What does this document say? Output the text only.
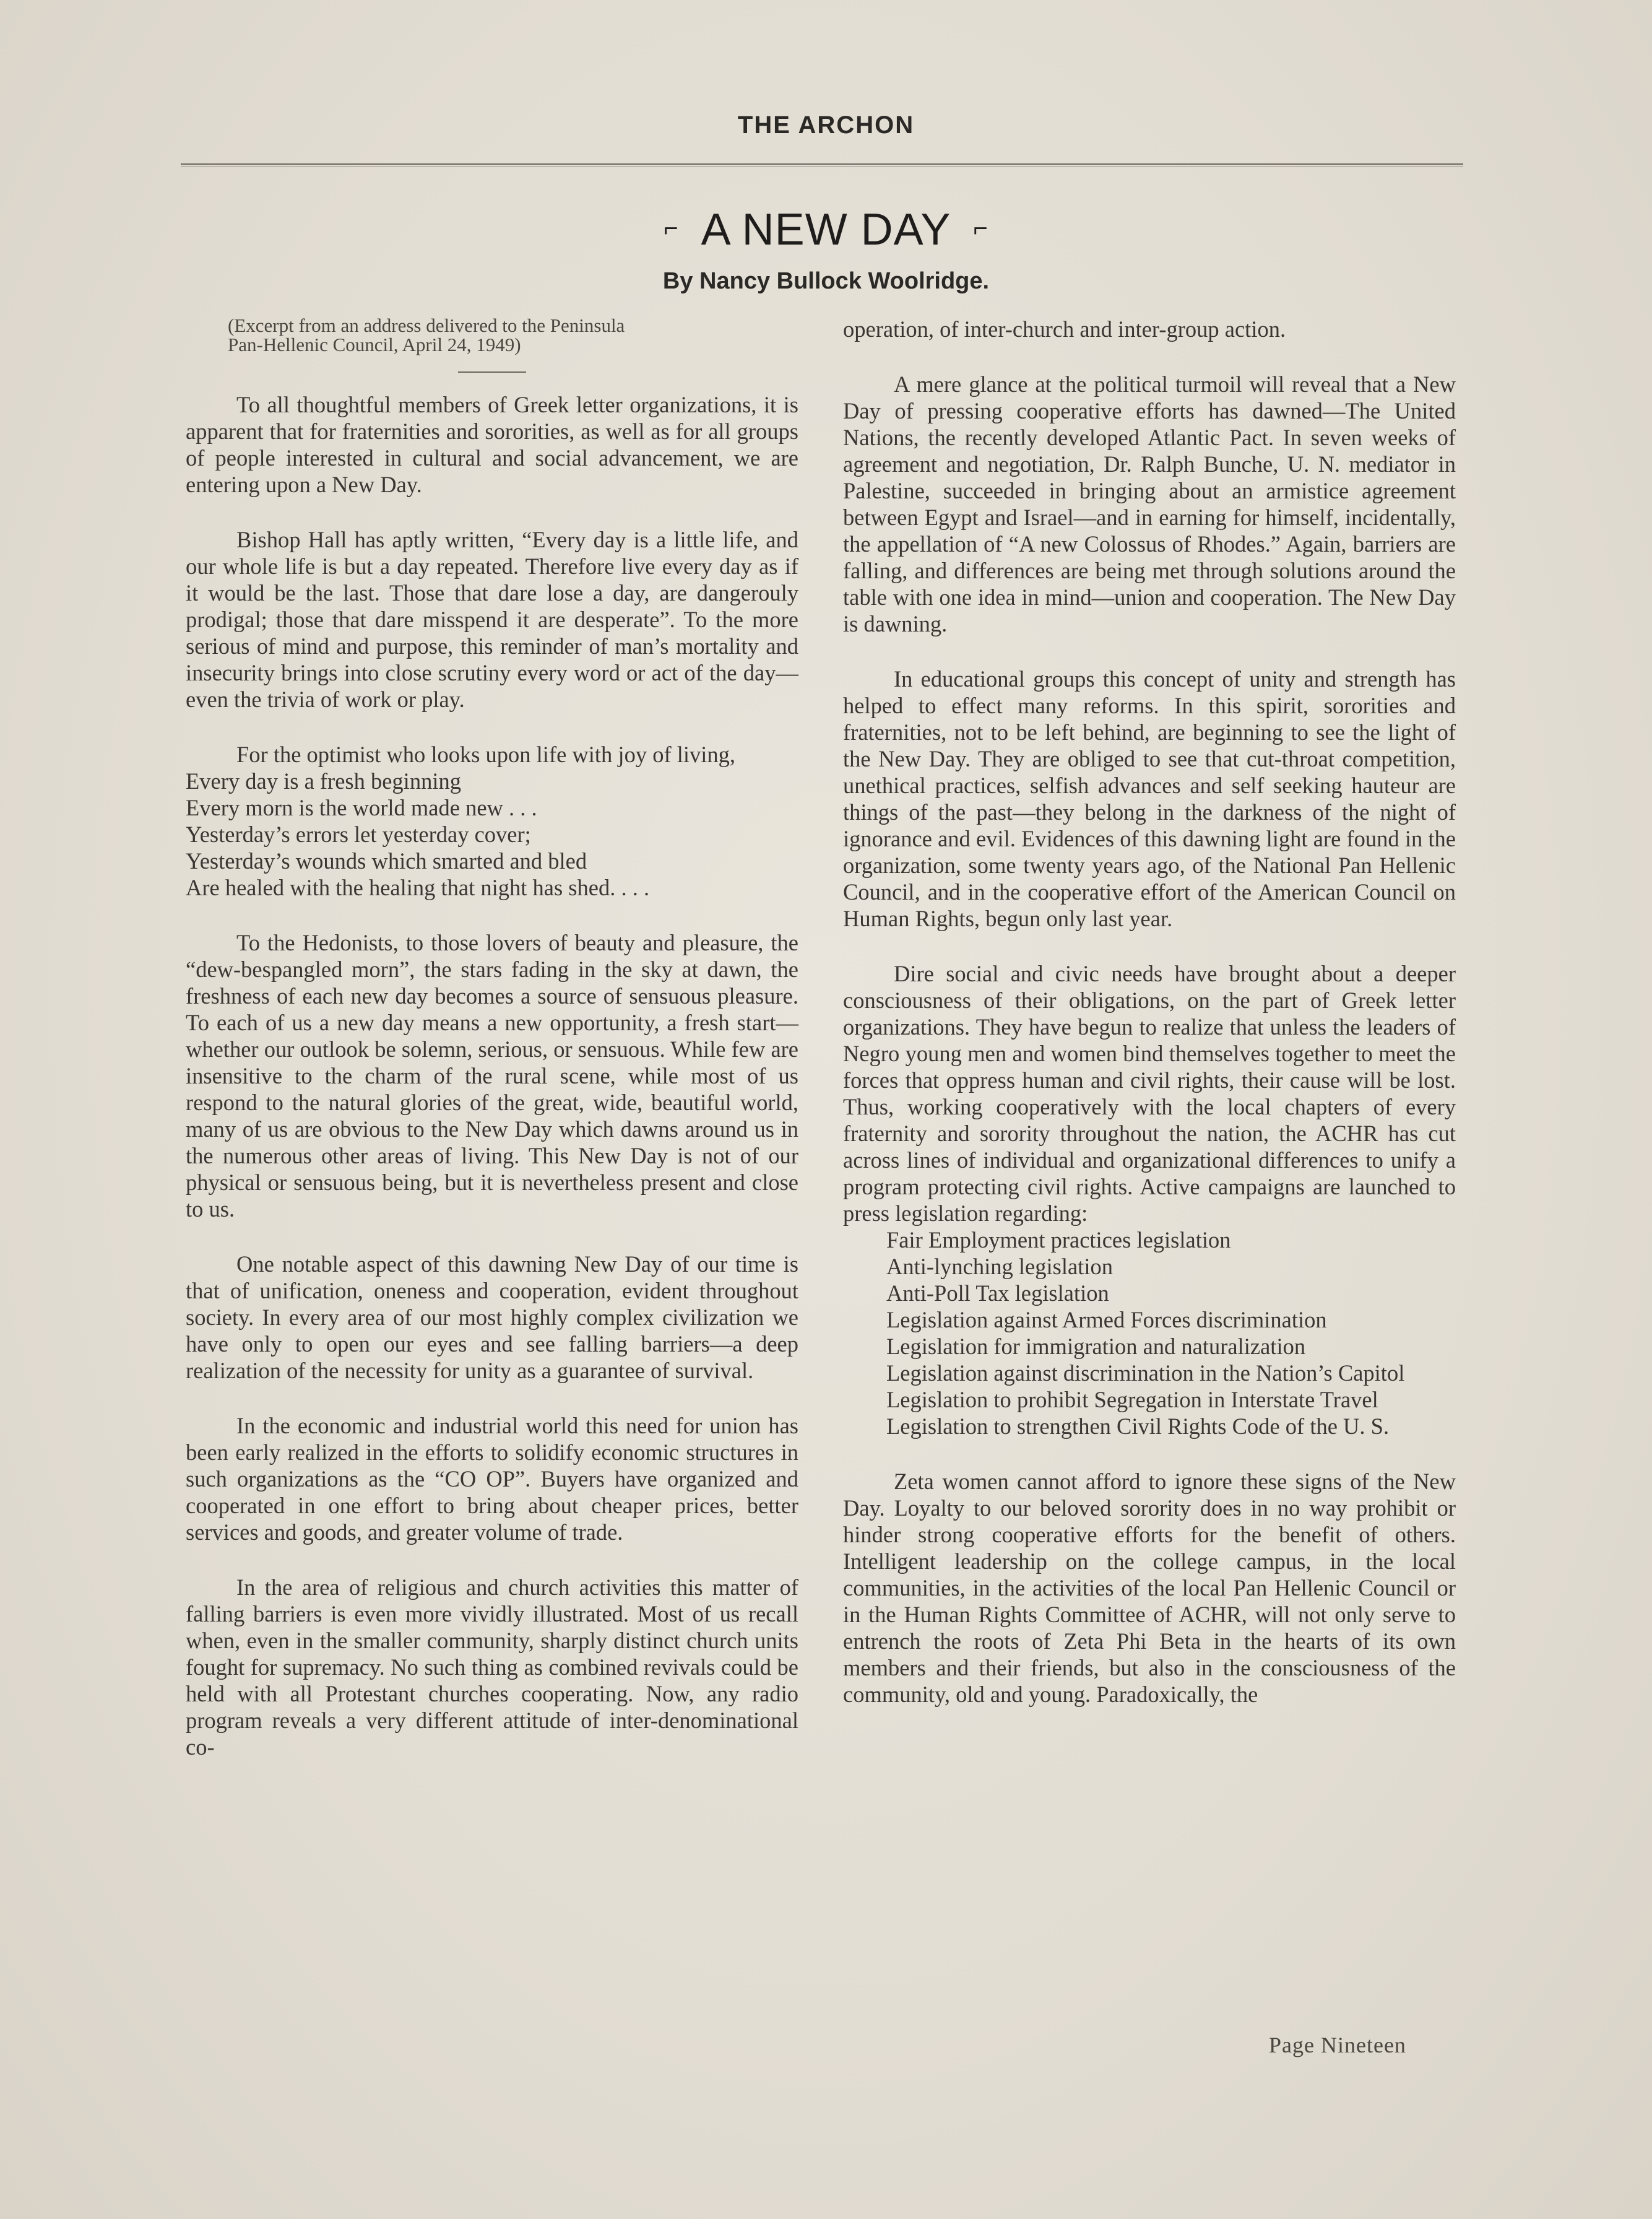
THE ARCHON
⌐ A NEW DAY ⌐
By Nancy Bullock Woolridge.
(Excerpt from an address delivered to the Peninsula
Pan-Hellenic Council, April 24, 1949)

To all thoughtful members of Greek letter organizations, it is apparent that for fraternities and sororities, as well as for all groups of people interested in cultural and social advancement, we are entering upon a New Day.

Bishop Hall has aptly written, “Every day is a little life, and our whole life is but a day repeated. Therefore live every day as if it would be the last. Those that dare lose a day, are dangerouly prodigal; those that dare misspend it are desperate”. To the more serious of mind and purpose, this reminder of man’s mortality and insecurity brings into close scrutiny every word or act of the day—even the trivia of work or play.

For the optimist who looks upon life with joy of living,
Every day is a fresh beginning
Every morn is the world made new . . .
Yesterday’s errors let yesterday cover;
Yesterday’s wounds which smarted and bled
Are healed with the healing that night has shed. . . .

To the Hedonists, to those lovers of beauty and pleasure, the “dew-bespangled morn”, the stars fading in the sky at dawn, the freshness of each new day becomes a source of sensuous pleasure. To each of us a new day means a new opportunity, a fresh start—whether our outlook be solemn, serious, or sensuous. While few are insensitive to the charm of the rural scene, while most of us respond to the natural glories of the great, wide, beautiful world, many of us are obvious to the New Day which dawns around us in the numerous other areas of living. This New Day is not of our physical or sensuous being, but it is nevertheless present and close to us.

One notable aspect of this dawning New Day of our time is that of unification, oneness and cooperation, evident throughout society. In every area of our most highly complex civilization we have only to open our eyes and see falling barriers—a deep realization of the necessity for unity as a guarantee of survival.

In the economic and industrial world this need for union has been early realized in the efforts to solidify economic structures in such organizations as the “CO OP”. Buyers have organized and cooperated in one effort to bring about cheaper prices, better services and goods, and greater volume of trade.

In the area of religious and church activities this matter of falling barriers is even more vividly illustrated. Most of us recall when, even in the smaller community, sharply distinct church units fought for supremacy. No such thing as combined revivals could be held with all Protestant churches cooperating. Now, any radio program reveals a very different attitude of inter-denominational co-

operation, of inter-church and inter-group action.

A mere glance at the political turmoil will reveal that a New Day of pressing cooperative efforts has dawned—The United Nations, the recently developed Atlantic Pact. In seven weeks of agreement and negotiation, Dr. Ralph Bunche, U. N. mediator in Palestine, succeeded in bringing about an armistice agreement between Egypt and Israel—and in earning for himself, incidentally, the appellation of “A new Colossus of Rhodes.” Again, barriers are falling, and differences are being met through solutions around the table with one idea in mind—union and cooperation. The New Day is dawning.

In educational groups this concept of unity and strength has helped to effect many reforms. In this spirit, sororities and fraternities, not to be left behind, are beginning to see the light of the New Day. They are obliged to see that cut-throat competition, unethical practices, selfish advances and self seeking hauteur are things of the past—they belong in the darkness of the night of ignorance and evil. Evidences of this dawning light are found in the organization, some twenty years ago, of the National Pan Hellenic Council, and in the cooperative effort of the American Council on Human Rights, begun only last year.

Dire social and civic needs have brought about a deeper consciousness of their obligations, on the part of Greek letter organizations. They have begun to realize that unless the leaders of Negro young men and women bind themselves together to meet the forces that oppress human and civil rights, their cause will be lost. Thus, working cooperatively with the local chapters of every fraternity and sorority throughout the nation, the ACHR has cut across lines of individual and organizational differences to unify a program protecting civil rights. Active campaigns are launched to press legislation regarding:

Fair Employment practices legislation
Anti-lynching legislation
Anti-Poll Tax legislation
Legislation against Armed Forces discrimination
Legislation for immigration and naturalization
Legislation against discrimination in the Nation’s Capitol
Legislation to prohibit Segregation in Interstate Travel
Legislation to strengthen Civil Rights Code of the U. S.

Zeta women cannot afford to ignore these signs of the New Day. Loyalty to our beloved sorority does in no way prohibit or hinder strong cooperative efforts for the benefit of others. Intelligent leadership on the college campus, in the local communities, in the activities of the local Pan Hellenic Council or in the Human Rights Committee of ACHR, will not only serve to entrench the roots of Zeta Phi Beta in the hearts of its own members and their friends, but also in the consciousness of the community, old and young. Paradoxically, the

Page Nineteen
